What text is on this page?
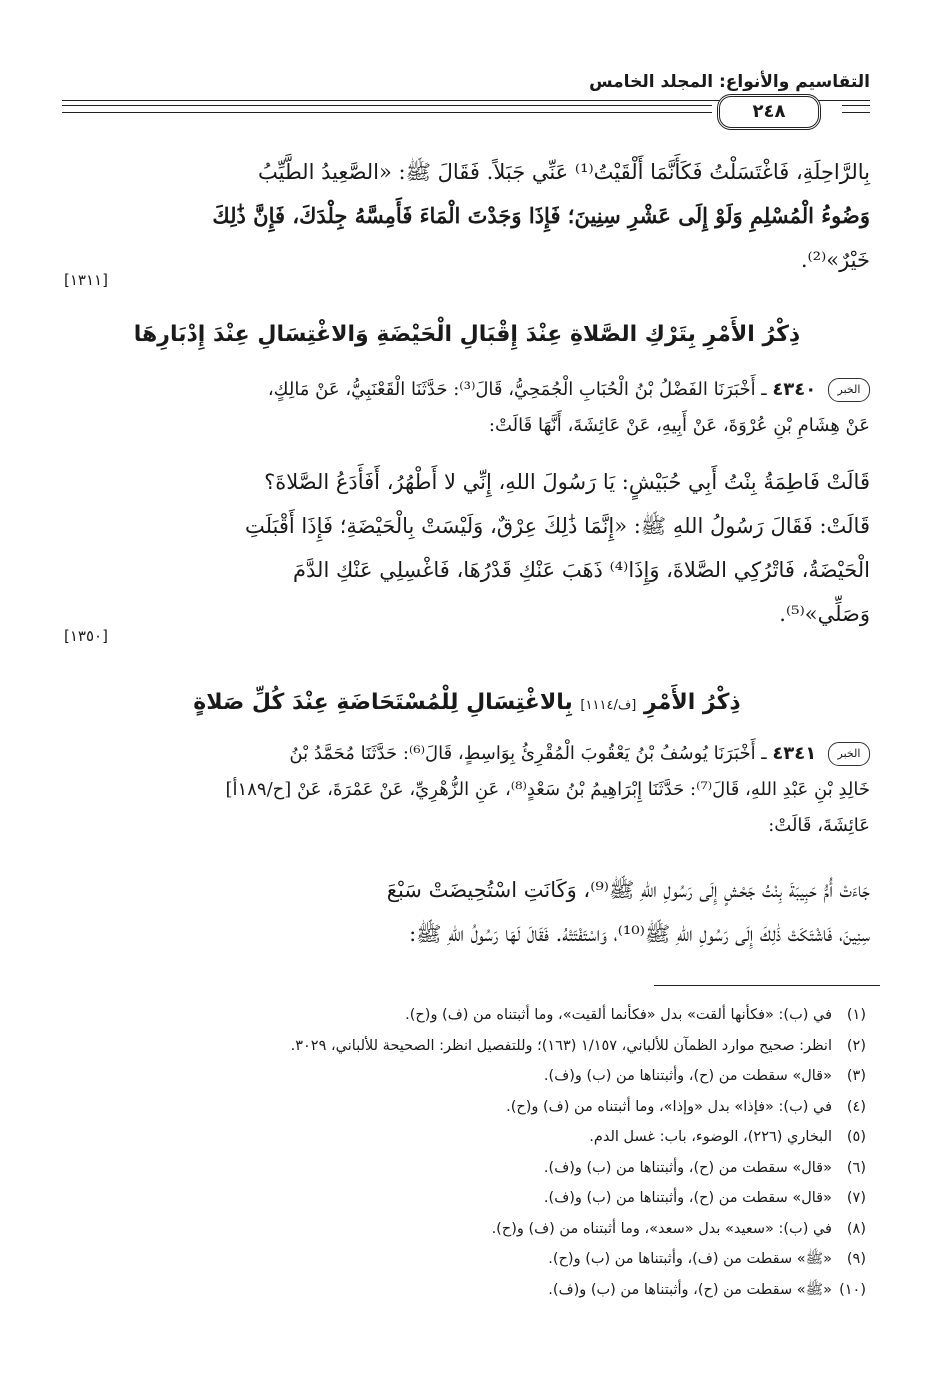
التقاسيم والأنواع: المجلد الخامس
٢٤٨
بِالرَّاحِلَةِ، فَاغْتَسَلْتُ فَكَأَنَّمَا أَلْقَيْتُ⁽¹⁾ عَنِّي جَبَلاً. فَقَالَ ﷺ: «الصَّعِيدُ الطَّيِّبُ
وَضُوءُ الْمُسْلِمِ وَلَوْ إِلَى عَشْرِ سِنِينَ؛ فَإِذَا وَجَدْتَ الْمَاءَ فَأَمِسَّهُ جِلْدَكَ، فَإِنَّ ذَٰلِكَ
خَيْرٌ»⁽²⁾.
[١٣١١]
ذِكْرُ الأَمْرِ بِتَرْكِ الصَّلاةِ عِنْدَ إِقْبَالِ الْحَيْضَةِ وَالاغْتِسَالِ عِنْدَ إِدْبَارِهَا
الخبر ٤٣٤٠ ـ أَخْبَرَنَا الفَضْلُ بْنُ الْحُبَابِ الْجُمَحِيُّ، قَالَ⁽³⁾: حَدَّثَنَا الْقَعْنَبِيُّ، عَنْ مَالِكٍ،
عَنْ هِشَامِ بْنِ عُرْوَةَ، عَنْ أَبِيهِ، عَنْ عَائِشَةَ، أَنَّهَا قَالَتْ:
قَالَتْ فَاطِمَةُ بِنْتُ أَبِي حُبَيْشٍ: يَا رَسُولَ اللهِ، إِنِّي لا أَطْهُرُ، أَفَأَدَعُ الصَّلاةَ؟
قَالَتْ: فَقَالَ رَسُولُ اللهِ ﷺ: «إِنَّمَا ذَٰلِكَ عِرْقٌ، وَلَيْسَتْ بِالْحَيْضَةِ؛ فَإِذَا أَقْبَلَتِ
الْحَيْضَةُ، فَاتْرُكِي الصَّلاةَ، وَإِذَا⁽⁴⁾ ذَهَبَ عَنْكِ قَدْرُهَا، فَاغْسِلِي عَنْكِ الدَّمَ
وَصَلِّي»⁽⁵⁾.
[١٣٥٠]
ذِكْرُ الأَمْرِ [ف/١١١٤] بِالاغْتِسَالِ لِلْمُسْتَحَاضَةِ عِنْدَ كُلِّ صَلاةٍ
الخبر ٤٣٤١ ـ أَخْبَرَنَا يُوسُفُ بْنُ يَعْقُوبَ الْمُقْرِئُ بِوَاسِطٍ، قَالَ⁽⁶⁾: حَدَّثَنَا مُحَمَّدُ بْنُ
خَالِدِ بْنِ عَبْدِ اللهِ، قَالَ⁽⁷⁾: حَدَّثَنَا إِبْرَاهِيمُ بْنُ سَعْدٍ⁽⁸⁾، عَنِ الزُّهْرِيِّ، عَنْ عَمْرَةَ، عَنْ [ح/١٨٩أ]
عَائِشَةَ، قَالَتْ:
جَاءَتْ أُمُّ حَبِيبَةَ بِنْتُ جَحْشٍ إِلَى رَسُولِ اللهِ ﷺ⁽⁹⁾، وَكَانَتِ اسْتُحِيضَتْ سَبْعَ
سِنِينَ، فَاشْتَكَتْ ذَٰلِكَ إِلَى رَسُولِ اللهِ ﷺ⁽¹⁰⁾، وَاسْتَفْتَتْهُ. فَقَالَ لَهَا رَسُولُ اللهِ ﷺ:
(١)في (ب): «فكأنها ألقت» بدل «فكأنما ألقيت»، وما أثبتناه من (ف) و(ح).
(٢)انظر: صحيح موارد الظمآن للألباني، ١/١٥٧ (١٦٣)؛ وللتفصيل انظر: الصحيحة للألباني، ٣٠٢٩.
(٣)«قال» سقطت من (ح)، وأثبتناها من (ب) و(ف).
(٤)في (ب): «فإذا» بدل «وإذا»، وما أثبتناه من (ف) و(ح).
(٥)البخاري (٢٢٦)، الوضوء، باب: غسل الدم.
(٦)«قال» سقطت من (ح)، وأثبتناها من (ب) و(ف).
(٧)«قال» سقطت من (ح)، وأثبتناها من (ب) و(ف).
(٨)في (ب): «سعيد» بدل «سعد»، وما أثبتناه من (ف) و(ح).
(٩)«ﷺ» سقطت من (ف)، وأثبتناها من (ب) و(ح).
(١٠)«ﷺ» سقطت من (ح)، وأثبتناها من (ب) و(ف).
